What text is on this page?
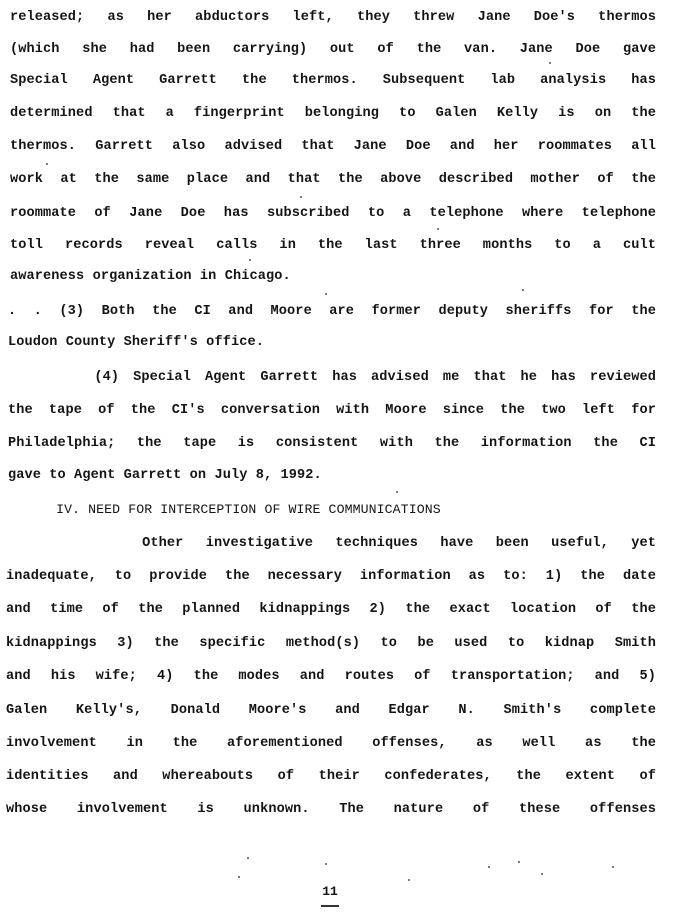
released; as her abductors left, they threw Jane Doe's thermos
(which she had been carrying) out of the van. Jane Doe gave
Special Agent Garrett the thermos. Subsequent lab analysis has
determined that a fingerprint belonging to Galen Kelly is on the
thermos. Garrett also advised that Jane Doe and her roommates all
work at the same place and that the above described mother of the
roommate of Jane Doe has subscribed to a telephone where telephone
toll records reveal calls in the last three months to a cult
awareness organization in Chicago.
. . (3) Both the CI and Moore are former deputy sheriffs for the
Loudon County Sheriff's office.
(4) Special Agent Garrett has advised me that he has reviewed
the tape of the CI's conversation with Moore since the two left for
Philadelphia; the tape is consistent with the information the CI
gave to Agent Garrett on July 8, 1992.
IV. NEED FOR INTERCEPTION OF WIRE COMMUNICATIONS
Other investigative techniques have been useful, yet
inadequate, to provide the necessary information as to: 1) the date
and time of the planned kidnappings 2) the exact location of the
kidnappings 3) the specific method(s) to be used to kidnap Smith
and his wife; 4) the modes and routes of transportation; and 5)
Galen Kelly's, Donald Moore's and Edgar N. Smith's complete
involvement in the aforementioned offenses, as well as the
identities and whereabouts of their confederates, the extent of
whose involvement is unknown. The nature of these offenses
11
